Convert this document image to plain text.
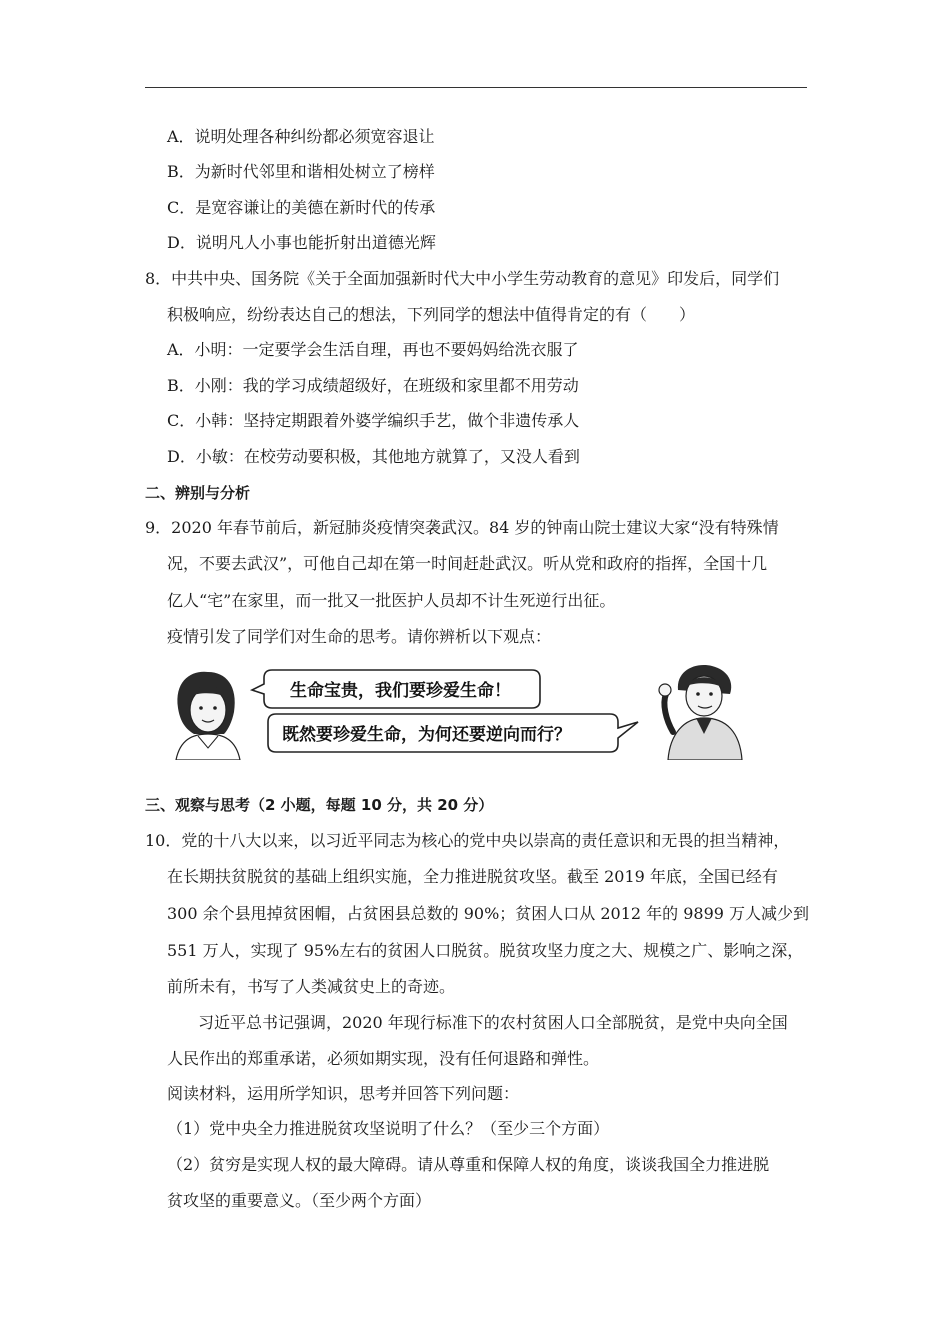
A．说明处理各种纠纷都必须宽容退让
B．为新时代邻里和谐相处树立了榜样
C．是宽容谦让的美德在新时代的传承
D．说明凡人小事也能折射出道德光辉
8．中共中央、国务院《关于全面加强新时代大中小学生劳动教育的意见》印发后，同学们
积极响应，纷纷表达自己的想法，下列同学的想法中值得肯定的有（　　）
A．小明：一定要学会生活自理，再也不要妈妈给洗衣服了
B．小刚：我的学习成绩超级好，在班级和家里都不用劳动
C．小韩：坚持定期跟着外婆学编织手艺，做个非遗传承人
D．小敏：在校劳动要积极，其他地方就算了，又没人看到
二、辨别与分析
9．2020 年春节前后，新冠肺炎疫情突袭武汉。84 岁的钟南山院士建议大家“没有特殊情
况，不要去武汉”，可他自己却在第一时间赶赴武汉。听从党和政府的指挥，全国十几
亿人“宅”在家里，而一批又一批医护人员却不计生死逆行出征。
疫情引发了同学们对生命的思考。请你辨析以下观点：
生命宝贵，我们要珍爱生命！
既然要珍爱生命，为何还要逆向而行？
三、观察与思考（2 小题，每题 10 分，共 20 分）
10．党的十八大以来，以习近平同志为核心的党中央以崇高的责任意识和无畏的担当精神，
在长期扶贫脱贫的基础上组织实施，全力推进脱贫攻坚。截至 2019 年底，全国已经有
300 余个县甩掉贫困帽，占贫困县总数的 90%；贫困人口从 2012 年的 9899 万人减少到
551 万人，实现了 95%左右的贫困人口脱贫。脱贫攻坚力度之大、规模之广、影响之深，
前所未有，书写了人类减贫史上的奇迹。
习近平总书记强调，2020 年现行标准下的农村贫困人口全部脱贫，是党中央向全国
人民作出的郑重承诺，必须如期实现，没有任何退路和弹性。
阅读材料，运用所学知识，思考并回答下列问题：
（1）党中央全力推进脱贫攻坚说明了什么？（至少三个方面）
（2）贫穷是实现人权的最大障碍。请从尊重和保障人权的角度，谈谈我国全力推进脱
贫攻坚的重要意义。（至少两个方面）
